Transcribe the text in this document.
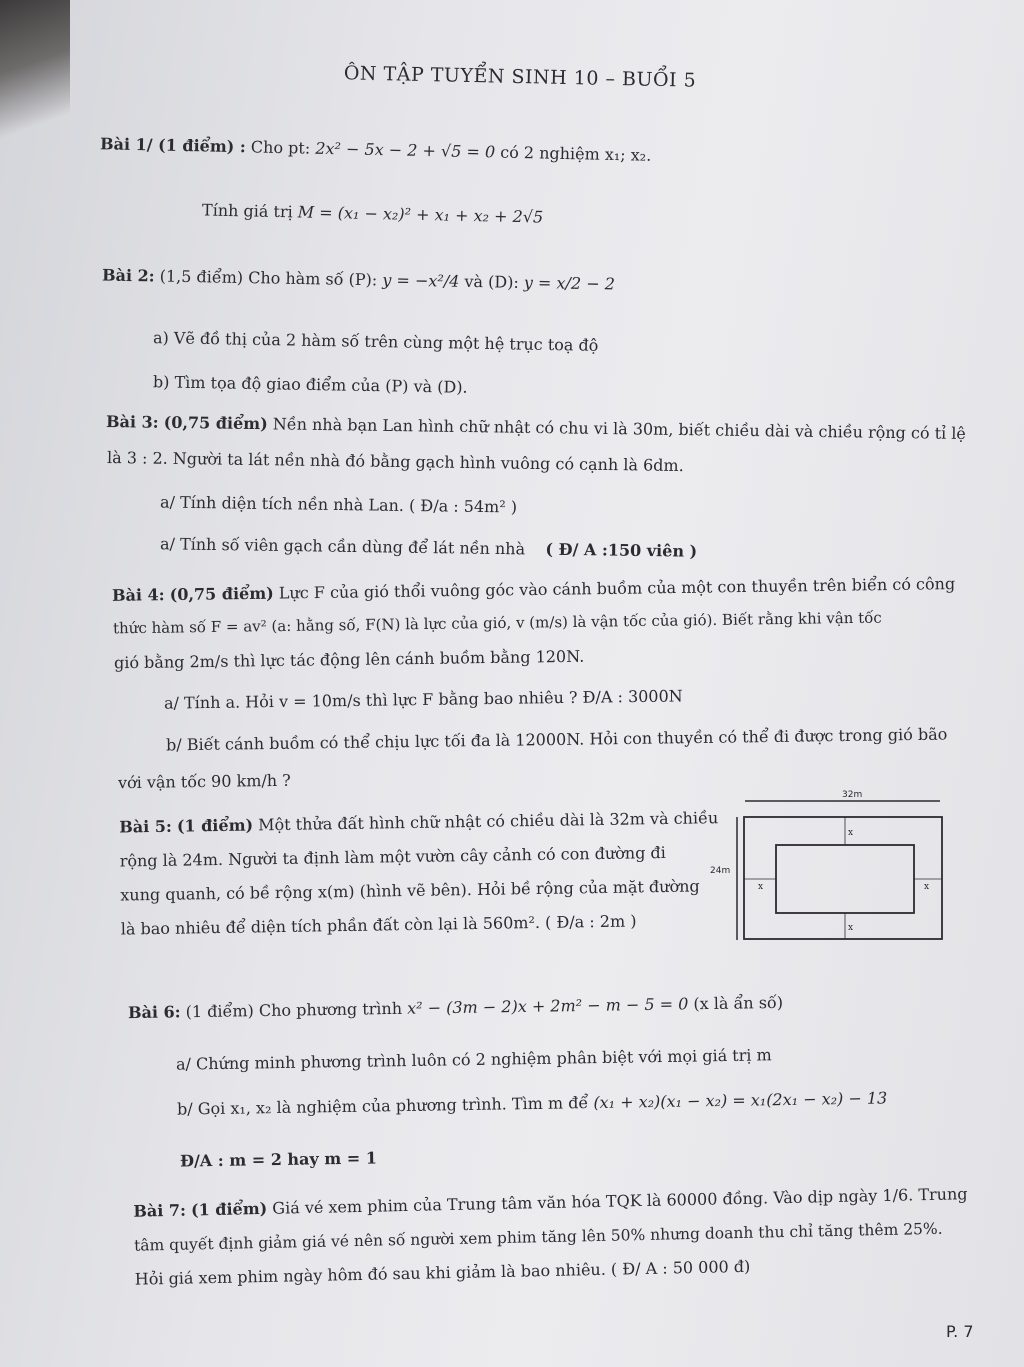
ÔN TẬP TUYỂN SINH 10 – BUỔI 5
Bài 1/ (1 điểm) : Cho pt: 2x² − 5x − 2 + √5 = 0 có 2 nghiệm x₁; x₂.
Tính giá trị M = (x₁ − x₂)² + x₁ + x₂ + 2√5
Bài 2: (1,5 điểm) Cho hàm số (P): y = −x²/4 và (D): y = x/2 − 2
a) Vẽ đồ thị của 2 hàm số trên cùng một hệ trục toạ độ
b) Tìm tọa độ giao điểm của (P) và (D).
Bài 3: (0,75 điểm) Nền nhà bạn Lan hình chữ nhật có chu vi là 30m, biết chiều dài và chiều rộng có tỉ lệ
là 3 : 2. Người ta lát nền nhà đó bằng gạch hình vuông có cạnh là 6dm.
a/ Tính diện tích nền nhà Lan. ( Đ/a : 54m² )
a/ Tính số viên gạch cần dùng để lát nền nhà ( Đ/ A :150 viên )
Bài 4: (0,75 điểm) Lực F của gió thổi vuông góc vào cánh buồm của một con thuyền trên biển có công
thức hàm số F = av² (a: hằng số, F(N) là lực của gió, v (m/s) là vận tốc của gió). Biết rằng khi vận tốc
gió bằng 2m/s thì lực tác động lên cánh buồm bằng 120N.
a/ Tính a. Hỏi v = 10m/s thì lực F bằng bao nhiêu ? Đ/A : 3000N
b/ Biết cánh buồm có thể chịu lực tối đa là 12000N. Hỏi con thuyền có thể đi được trong gió bão
với vận tốc 90 km/h ?
Bài 5: (1 điểm) Một thửa đất hình chữ nhật có chiều dài là 32m và chiều
rộng là 24m. Người ta định làm một vườn cây cảnh có con đường đi
xung quanh, có bề rộng x(m) (hình vẽ bên). Hỏi bề rộng của mặt đường
là bao nhiêu để diện tích phần đất còn lại là 560m². ( Đ/a : 2m )
32m
24m
x
x
x	x
Bài 6: (1 điểm) Cho phương trình x² − (3m − 2)x + 2m² − m − 5 = 0 (x là ẩn số)
a/ Chứng minh phương trình luôn có 2 nghiệm phân biệt với mọi giá trị m
b/ Gọi x₁, x₂ là nghiệm của phương trình. Tìm m để (x₁ + x₂)(x₁ − x₂) = x₁(2x₁ − x₂) − 13
Đ/A : m = 2 hay m = 1
Bài 7: (1 điểm) Giá vé xem phim của Trung tâm văn hóa TQK là 60000 đồng. Vào dịp ngày 1/6. Trung
tâm quyết định giảm giá vé nên số người xem phim tăng lên 50% nhưng doanh thu chỉ tăng thêm 25%.
Hỏi giá xem phim ngày hôm đó sau khi giảm là bao nhiêu. ( Đ/ A : 50 000 đ)
P. 7
